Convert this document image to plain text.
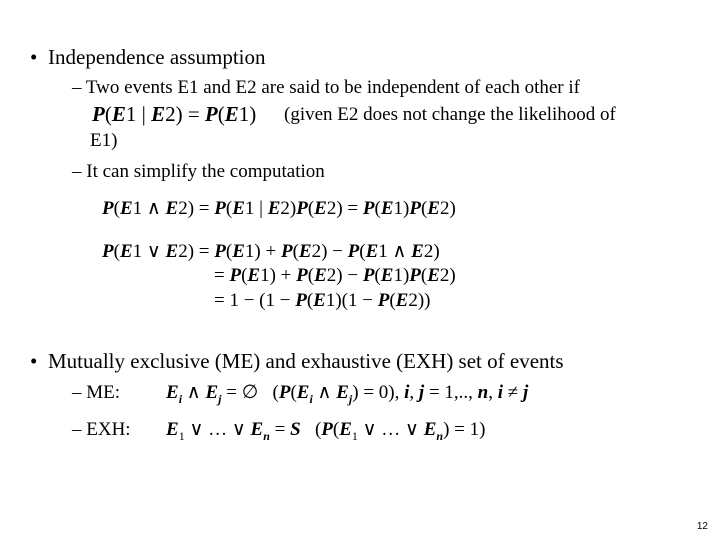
• Independence assumption
– Two events E1 and E2 are said to be independent of each other if
P(E1 | E2) = P(E1) (given E2 does not change the likelihood of
E1)
– It can simplify the computation
P(E1 ∧ E2) = P(E1 | E2)P(E2) = P(E1)P(E2)
P(E1 ∨ E2) = P(E1) + P(E2) − P(E1 ∧ E2)
= P(E1) + P(E2) − P(E1)P(E2)
= 1 − (1 − P(E1)(1 − P(E2))
• Mutually exclusive (ME) and exhaustive (EXH) set of events
– ME: $E_i$ ∧ $E_j$ = ∅   ($P(E_i$ ∧ $E_j) = 0$), i, j = 1,.., n, i ≠ j
– EXH: $E_1$ ∨ … ∨ $E_n = S$   ($P(E_1$ ∨ … ∨ $E_n) = 1$)
12
